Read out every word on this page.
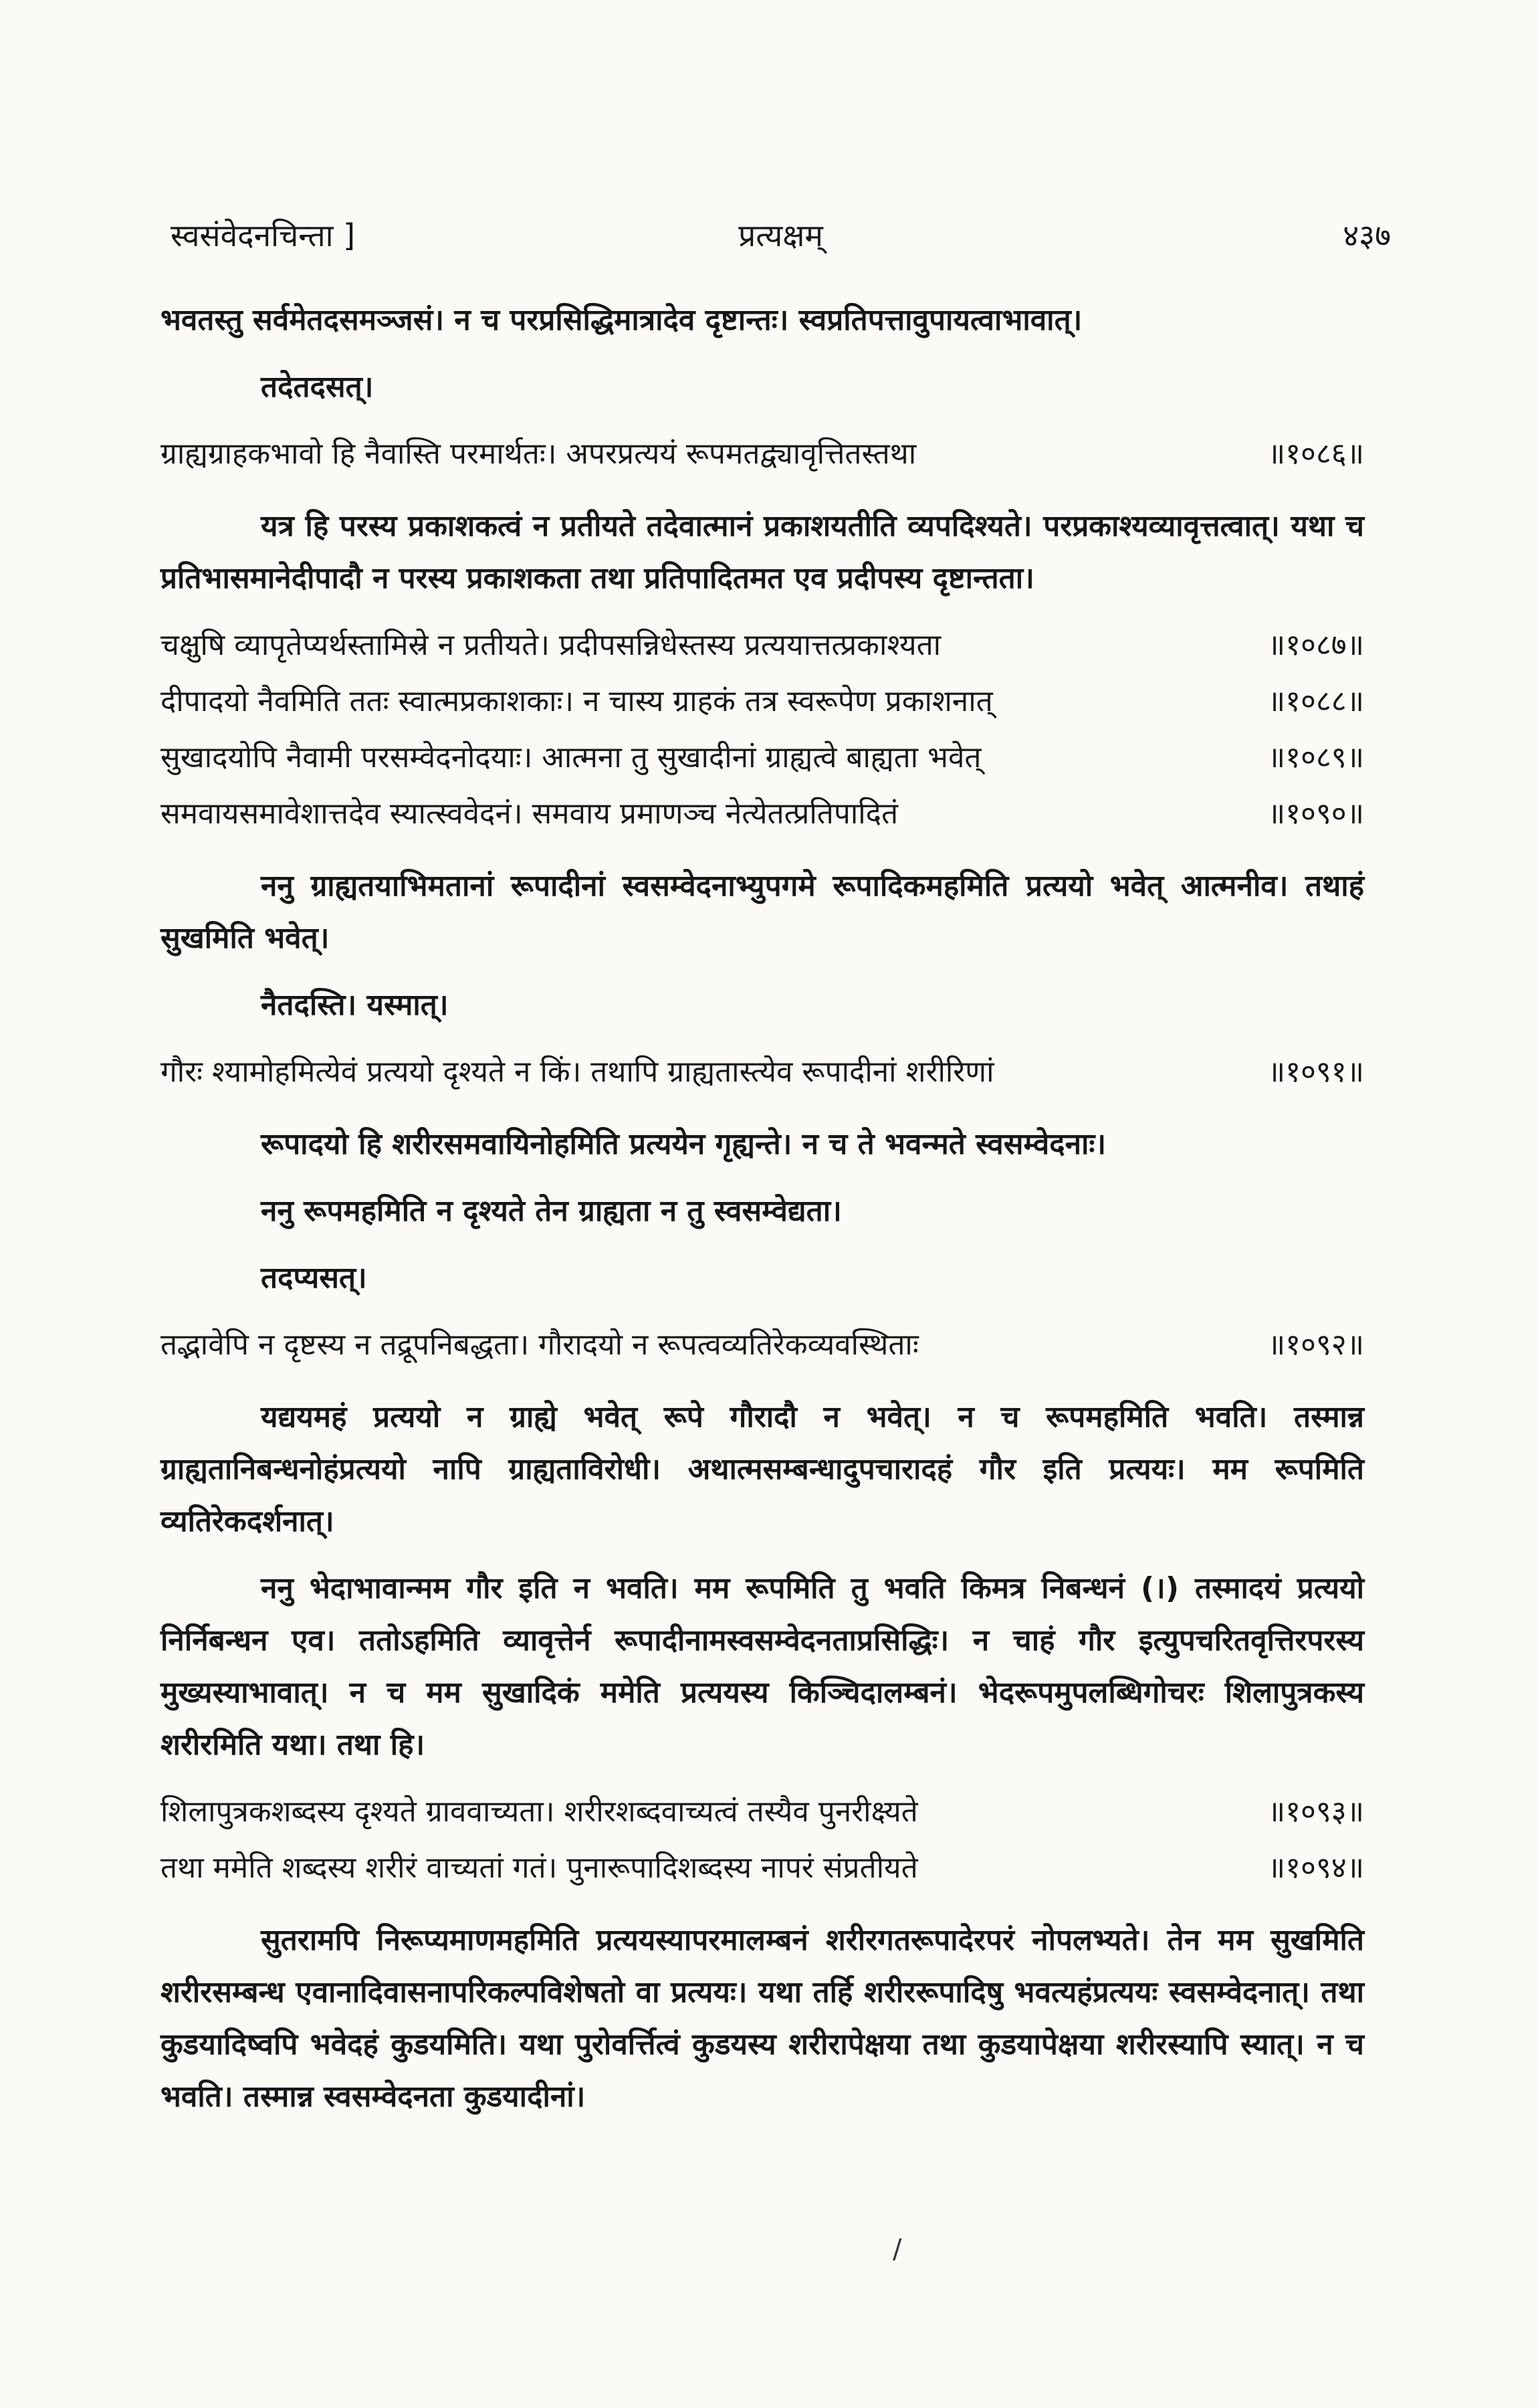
स्वसंवेदनचिन्ता ]	प्रत्यक्षम्	४३७

भवतस्तु सर्वमेतदसमञ्जसं। न च परप्रसिद्धिमात्रादेव दृष्टान्तः। स्वप्रतिपत्तावुपायत्वाभावात्।

तदेतदसत्।

ग्राह्यग्राहकभावो हि नैवास्ति परमार्थतः। अपरप्रत्ययं रूपमतद्व्यावृत्तितस्तथा	॥१०८६॥

यत्र हि परस्य प्रकाशकत्वं न प्रतीयते तदेवात्मानं प्रकाशयतीति व्यपदिश्यते। परप्रकाश्यव्यावृत्तत्वात्। यथा च प्रतिभासमानेदीपादौ न परस्य प्रकाशकता तथा प्रतिपादितमत एव प्रदीपस्य दृष्टान्तता।

चक्षुषि व्यापृतेप्यर्थस्तामिस्रे न प्रतीयते। प्रदीपसन्निधेस्तस्य प्रत्ययात्तत्प्रकाश्यता	॥१०८७॥
दीपादयो नैवमिति ततः स्वात्मप्रकाशकाः। न चास्य ग्राहकं तत्र स्वरूपेण प्रकाशनात्	॥१०८८॥
सुखादयोपि नैवामी परसम्वेदनोदयाः। आत्मना तु सुखादीनां ग्राह्यत्वे बाह्यता भवेत्	॥१०८९॥
समवायसमावेशात्तदेव स्यात्स्ववेदनं। समवाय प्रमाणञ्च नेत्येतत्प्रतिपादितं	॥१०९०॥

ननु ग्राह्यतयाभिमतानां रूपादीनां स्वसम्वेदनाभ्युपगमे रूपादिकमहमिति प्रत्ययो भवेत् आत्मनीव। तथाहं सुखमिति भवेत्।

नैतदस्ति। यस्मात्।

गौरः श्यामोहमित्येवं प्रत्ययो दृश्यते न किं। तथापि ग्राह्यतास्त्येव रूपादीनां शरीरिणां	॥१०९१॥

रूपादयो हि शरीरसमवायिनोहमिति प्रत्ययेन गृह्यन्ते। न च ते भवन्मते स्वसम्वेदनाः।

ननु रूपमहमिति न दृश्यते तेन ग्राह्यता न तु स्वसम्वेद्यता।

तदप्यसत्।

तद्भावेपि न दृष्टस्य न तद्रूपनिबद्धता। गौरादयो न रूपत्वव्यतिरेकव्यवस्थिताः	॥१०९२॥

यद्ययमहं प्रत्ययो न ग्राह्ये भवेत् रूपे गौरादौ न भवेत्। न च रूपमहमिति भवति। तस्मान्न ग्राह्यतानिबन्धनोहंप्रत्ययो नापि ग्राह्यताविरोधी। अथात्मसम्बन्धादुपचारादहं गौर इति प्रत्ययः। मम रूपमिति व्यतिरेकदर्शनात्।

ननु भेदाभावान्मम गौर इति न भवति। मम रूपमिति तु भवति किमत्र निबन्धनं (।) तस्मादयं प्रत्ययो निर्निबन्धन एव। ततोऽहमिति व्यावृत्तेर्न रूपादीनामस्वसम्वेदनताप्रसिद्धिः। न चाहं गौर इत्युपचरितवृत्तिरपरस्य मुख्यस्याभावात्। न च मम सुखादिकं ममेति प्रत्ययस्य किञ्चिदालम्बनं। भेदरूपमुपलब्धिगोचरः शिलापुत्रकस्य शरीरमिति यथा। तथा हि।

शिलापुत्रकशब्दस्य दृश्यते ग्राववाच्यता। शरीरशब्दवाच्यत्वं तस्यैव पुनरीक्ष्यते	॥१०९३॥
तथा ममेति शब्दस्य शरीरं वाच्यतां गतं। पुनारूपादिशब्दस्य नापरं संप्रतीयते	॥१०९४॥

सुतरामपि निरूप्यमाणमहमिति प्रत्ययस्यापरमालम्बनं शरीरगतरूपादेरपरं नोपलभ्यते। तेन मम सुखमिति शरीरसम्बन्ध एवानादिवासनापरिकल्पविशेषतो वा प्रत्ययः। यथा तर्हि शरीररूपादिषु भवत्यहंप्रत्ययः स्वसम्वेदनात्। तथा कुडयादिष्वपि भवेदहं कुडयमिति। यथा पुरोवर्त्तित्वं कुडयस्य शरीरापेक्षया तथा कुडयापेक्षया शरीरस्यापि स्यात्। न च भवति। तस्मान्न स्वसम्वेदनता कुडयादीनां।

/
